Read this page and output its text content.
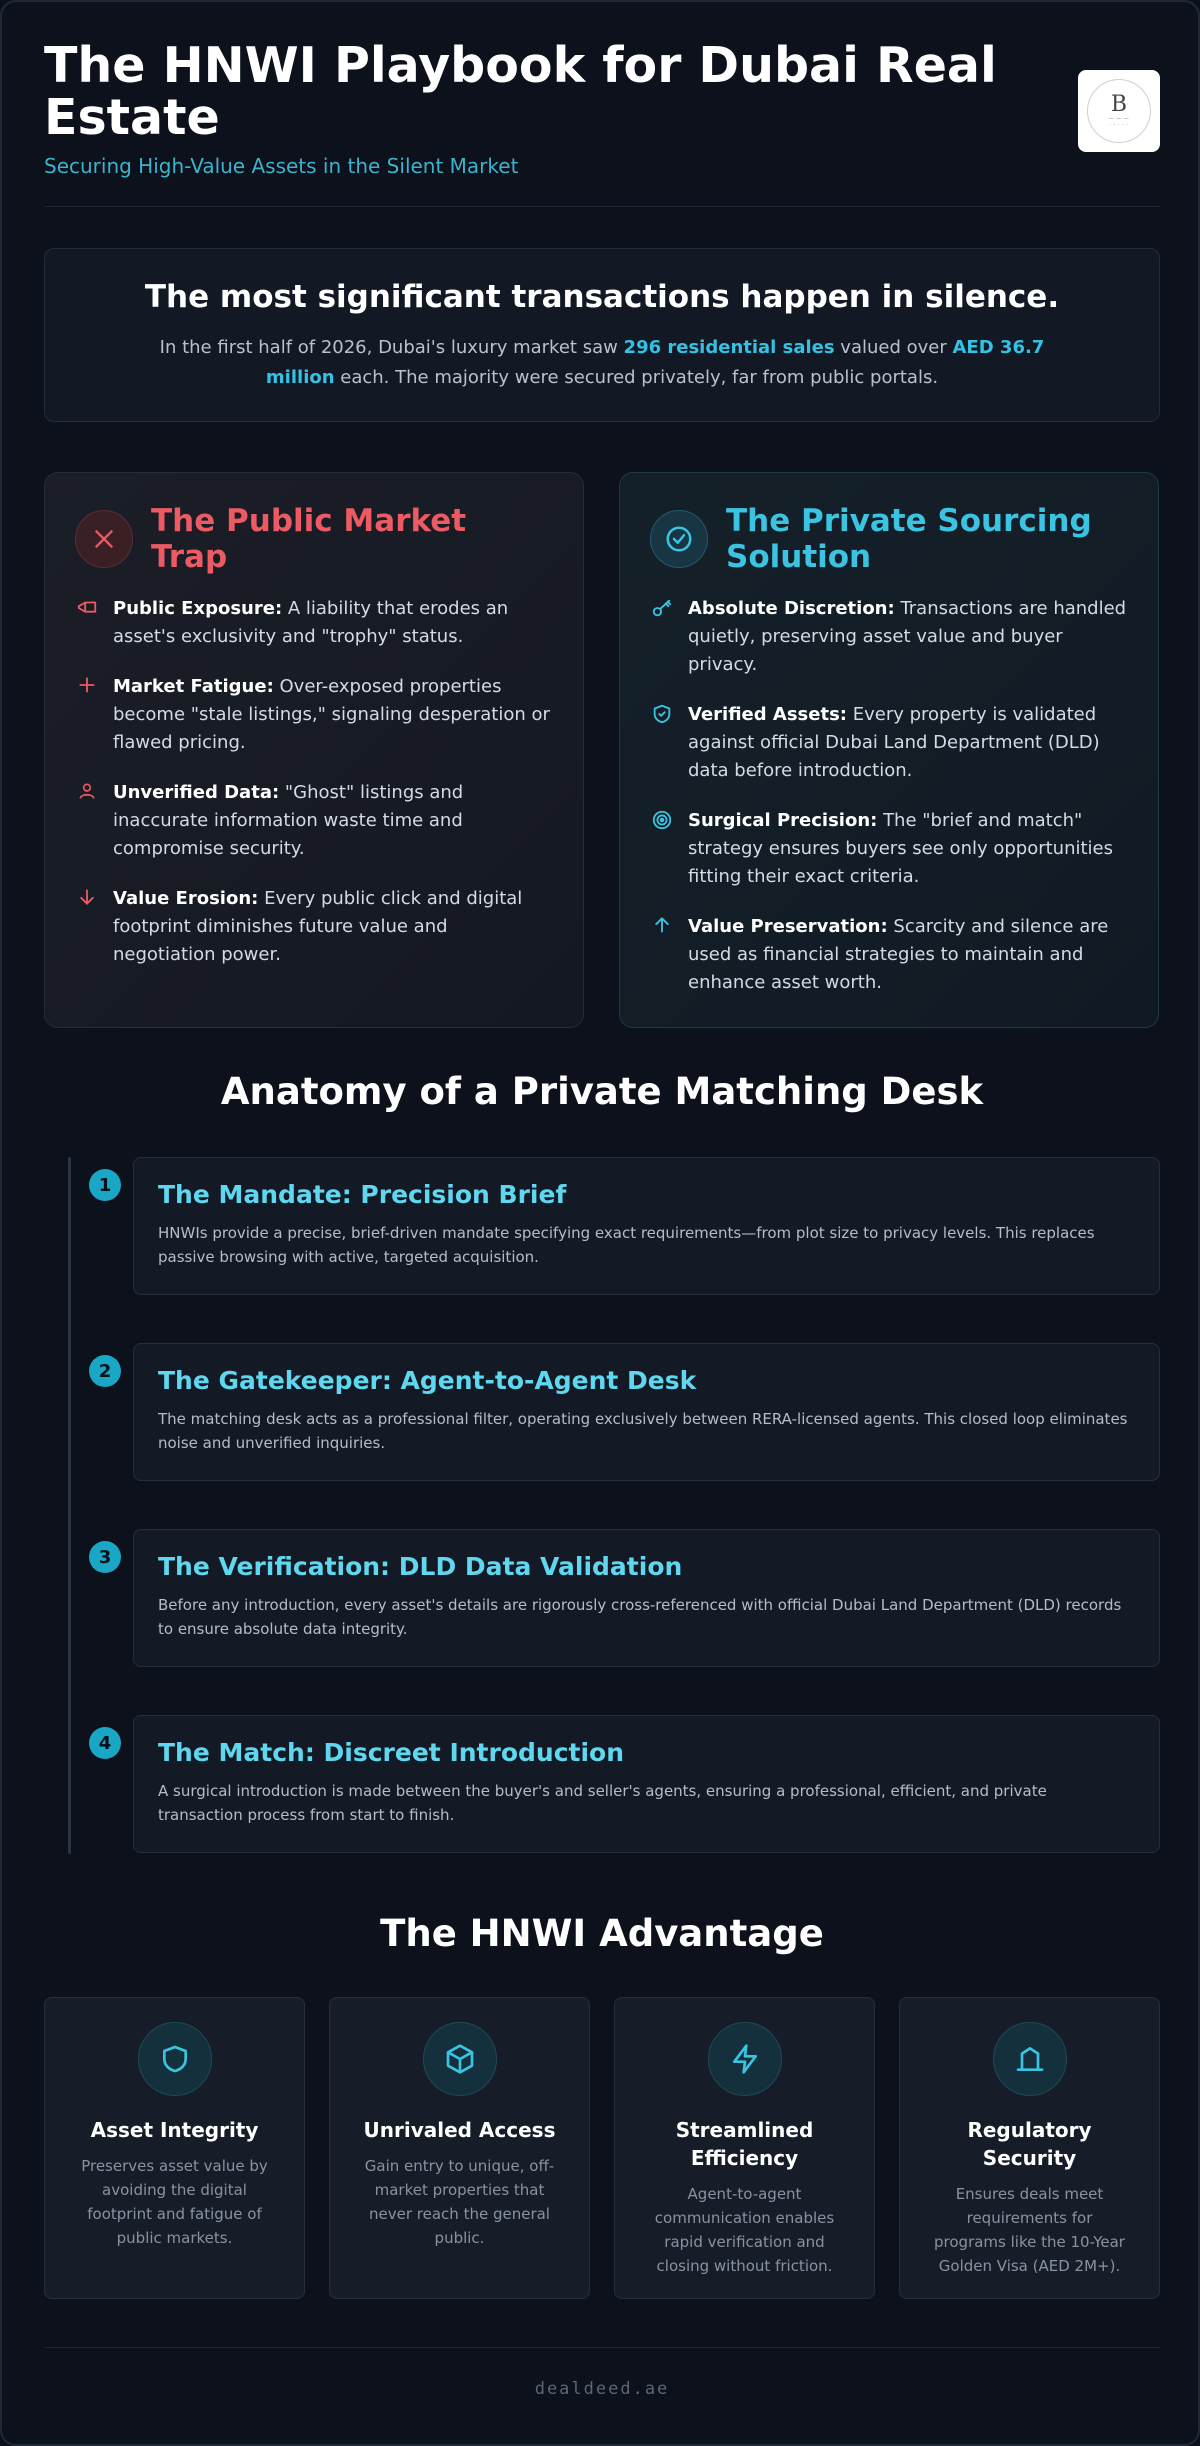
The HNWI Playbook for Dubai Real Estate
Securing High-Value Assets in the Silent Market
B
— — —
· · · · ·
The most significant transactions happen in silence.
In the first half of 2026, Dubai's luxury market saw 296 residential sales valued over AED 36.7 million each. The majority were secured privately, far from public portals.
The Public Market Trap
Public Exposure: A liability that erodes an asset's exclusivity and "trophy" status.
Market Fatigue: Over-exposed properties become "stale listings," signaling desperation or flawed pricing.
Unverified Data: "Ghost" listings and inaccurate information waste time and compromise security.
Value Erosion: Every public click and digital footprint diminishes future value and negotiation power.
The Private Sourcing Solution
Absolute Discretion: Transactions are handled quietly, preserving asset value and buyer privacy.
Verified Assets: Every property is validated against official Dubai Land Department (DLD) data before introduction.
Surgical Precision: The "brief and match" strategy ensures buyers see only opportunities fitting their exact criteria.
Value Preservation: Scarcity and silence are used as financial strategies to maintain and enhance asset worth.
Anatomy of a Private Matching Desk
1	The Mandate: Precision Brief
HNWIs provide a precise, brief-driven mandate specifying exact requirements—from plot size to privacy levels. This replaces passive browsing with active, targeted acquisition.
2	The Gatekeeper: Agent-to-Agent Desk
The matching desk acts as a professional filter, operating exclusively between RERA-licensed agents. This closed loop eliminates noise and unverified inquiries.
3	The Verification: DLD Data Validation
Before any introduction, every asset's details are rigorously cross-referenced with official Dubai Land Department (DLD) records to ensure absolute data integrity.
4	The Match: Discreet Introduction
A surgical introduction is made between the buyer's and seller's agents, ensuring a professional, efficient, and private transaction process from start to finish.
The HNWI Advantage
Asset Integrity
Preserves asset value by avoiding the digital footprint and fatigue of public markets.
Unrivaled Access
Gain entry to unique, off-market properties that never reach the general public.
Streamlined Efficiency
Agent-to-agent communication enables rapid verification and closing without friction.
Regulatory Security
Ensures deals meet requirements for programs like the 10-Year Golden Visa (AED 2M+).
dealdeed.ae
